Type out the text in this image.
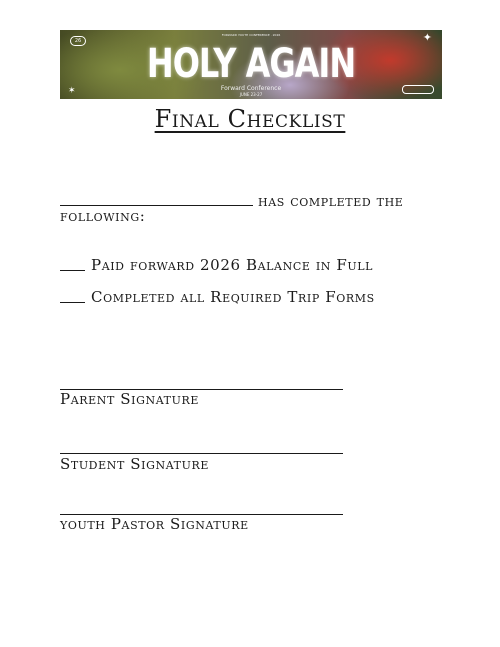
FORWARD YOUTH CONFERENCE · 2026
26	✦
HOLY AGAIN
Forward Conference
JUNE 23-27
✶
Final Checklist
has completed the
following:
Paid forward 2026 Balance in Full
Completed all Required Trip Forms
Parent Signature
Student Signature
youth Pastor Signature
